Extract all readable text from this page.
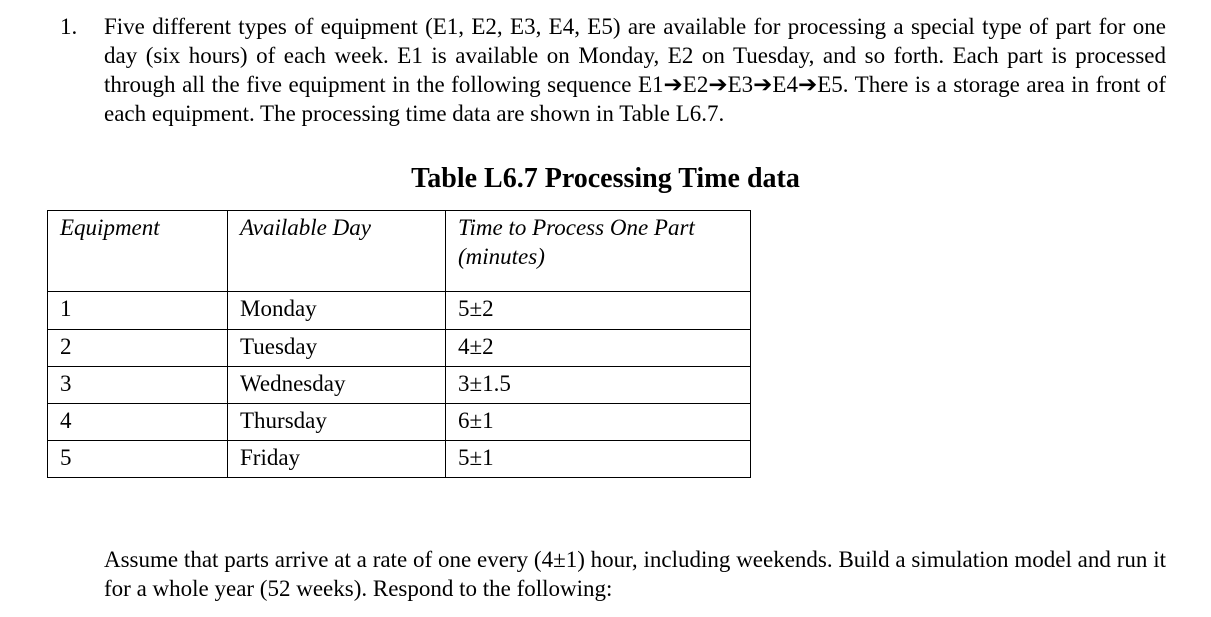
1. Five different types of equipment (E1, E2, E3, E4, E5) are available for processing a special type of part for one day (six hours) of each week. E1 is available on Monday, E2 on Tuesday, and so forth. Each part is processed through all the five equipment in the following sequence E1➔E2➔E3➔E4➔E5. There is a storage area in front of each equipment. The processing time data are shown in Table L6.7.
Table L6.7 Processing Time data
Equipment	Available Day	Time to Process One Part (minutes)
1	Monday	5±2
2	Tuesday	4±2
3	Wednesday	3±1.5
4	Thursday	6±1
5	Friday	5±1
Assume that parts arrive at a rate of one every (4±1) hour, including weekends. Build a simulation model and run it for a whole year (52 weeks). Respond to the following:
